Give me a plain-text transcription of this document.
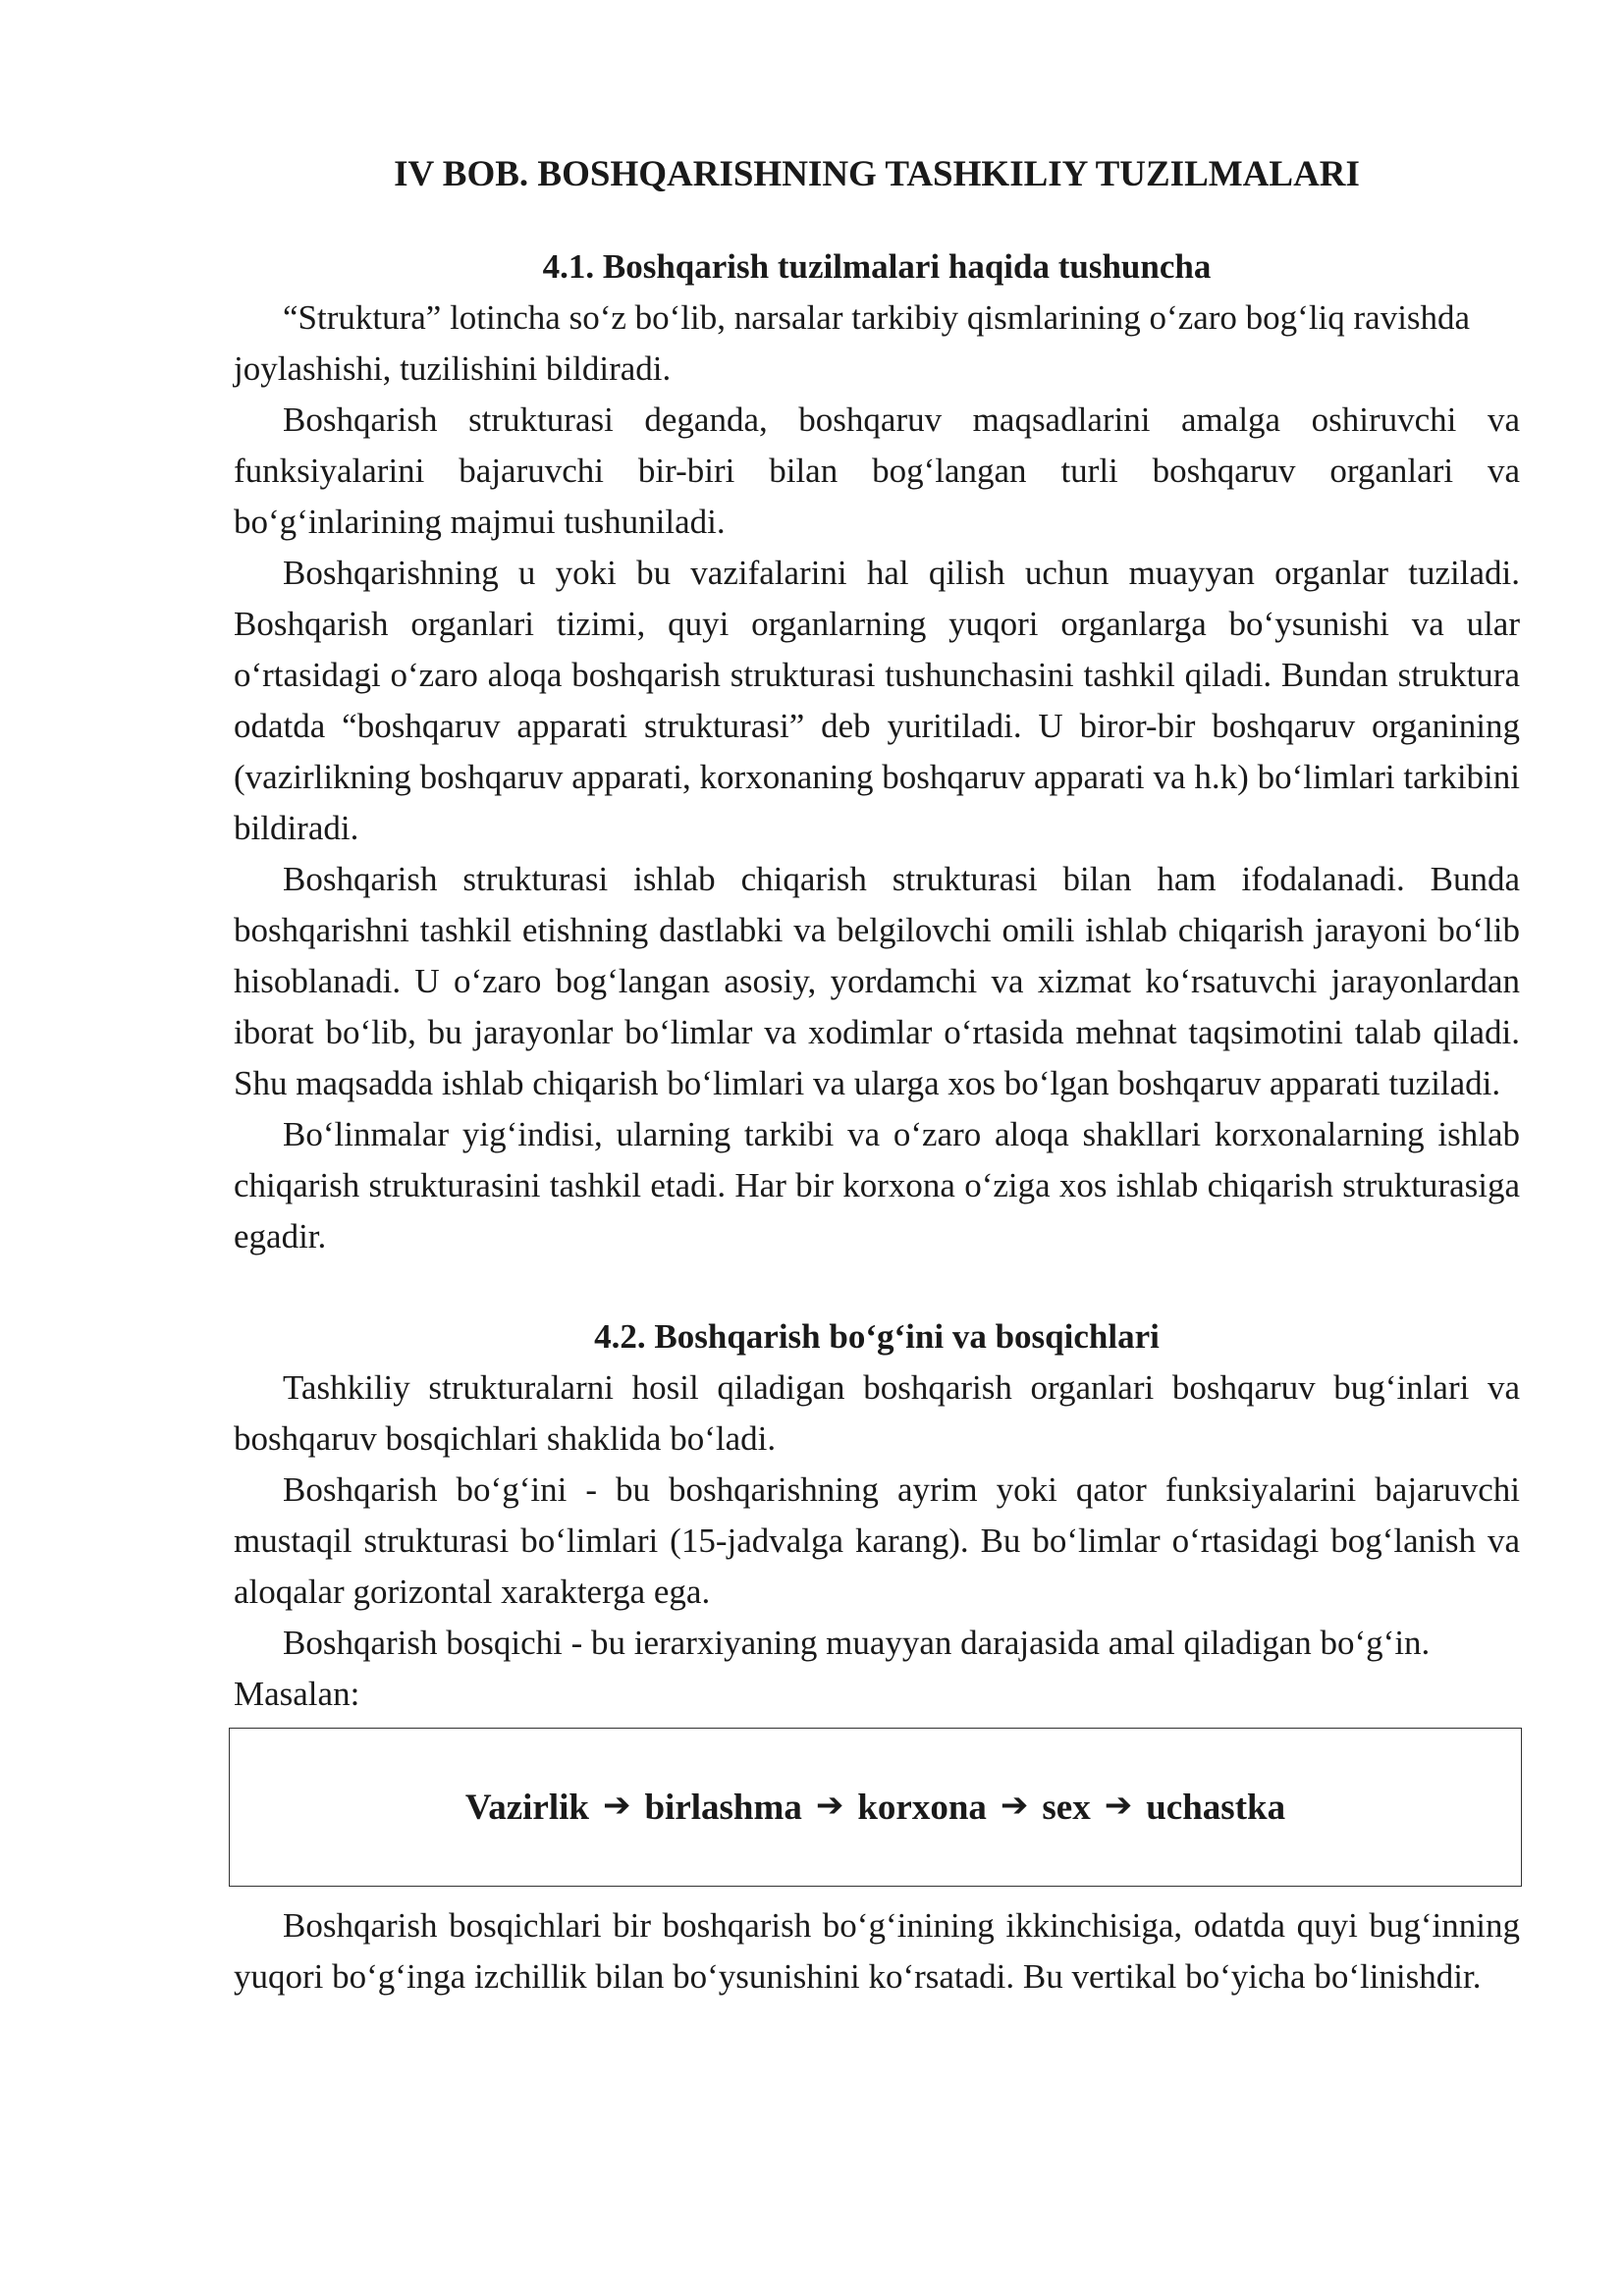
IV BOB. BOSHQARISHNING TASHKILIY TUZILMALARI
4.1. Boshqarish tuzilmalari haqida tushuncha

“Struktura” lotincha so‘z bo‘lib, narsalar tarkibiy qismlarining o‘zaro bog‘liq ravishda joylashishi, tuzilishini bildiradi.

Boshqarish strukturasi deganda, boshqaruv maqsadlarini amalga oshiruvchi va funksiyalarini bajaruvchi bir-biri bilan bog‘langan turli boshqaruv organlari va bo‘g‘inlarining majmui tushuniladi.

Boshqarishning u yoki bu vazifalarini hal qilish uchun muayyan organlar tuziladi. Boshqarish organlari tizimi, quyi organlarning yuqori organlarga bo‘ysunishi va ular o‘rtasidagi o‘zaro aloqa boshqarish strukturasi tushunchasini tashkil qiladi. Bundan struktura odatda “boshqaruv apparati strukturasi” deb yuritiladi. U biror-bir boshqaruv organining (vazirlikning boshqaruv apparati, korxonaning boshqaruv apparati va h.k) bo‘limlari tarkibini bildiradi.

Boshqarish strukturasi ishlab chiqarish strukturasi bilan ham ifodalanadi. Bunda boshqarishni tashkil etishning dastlabki va belgilovchi omili ishlab chiqarish jarayoni bo‘lib hisoblanadi. U o‘zaro bog‘langan asosiy, yordamchi va xizmat ko‘rsatuvchi jarayonlardan iborat bo‘lib, bu jarayonlar bo‘limlar va xodimlar o‘rtasida mehnat taqsimotini talab qiladi. Shu maqsadda ishlab chiqarish bo‘limlari va ularga xos bo‘lgan boshqaruv apparati tuziladi.

Bo‘linmalar yig‘indisi, ularning tarkibi va o‘zaro aloqa shakllari korxonalarning ishlab chiqarish strukturasini tashkil etadi. Har bir korxona o‘ziga xos ishlab chiqarish strukturasiga egadir.

4.2. Boshqarish bo‘g‘ini va bosqichlari

Tashkiliy strukturalarni hosil qiladigan boshqarish organlari boshqaruv bug‘inlari va boshqaruv bosqichlari shaklida bo‘ladi.

Boshqarish bo‘g‘ini - bu boshqarishning ayrim yoki qator funksiyalarini bajaruvchi mustaqil strukturasi bo‘limlari (15-jadvalga karang). Bu bo‘limlar o‘rtasidagi bog‘lanish va aloqalar gorizontal xarakterga ega.

Boshqarish bosqichi - bu ierarxiyaning muayyan darajasida amal qiladigan bo‘g‘in.

Masalan:

Vazirlik ➔ birlashma ➔ korxona ➔ sex ➔ uchastka

Boshqarish bosqichlari bir boshqarish bo‘g‘inining ikkinchisiga, odatda quyi bug‘inning yuqori bo‘g‘inga izchillik bilan bo‘ysunishini ko‘rsatadi. Bu vertikal bo‘yicha bo‘linishdir.
